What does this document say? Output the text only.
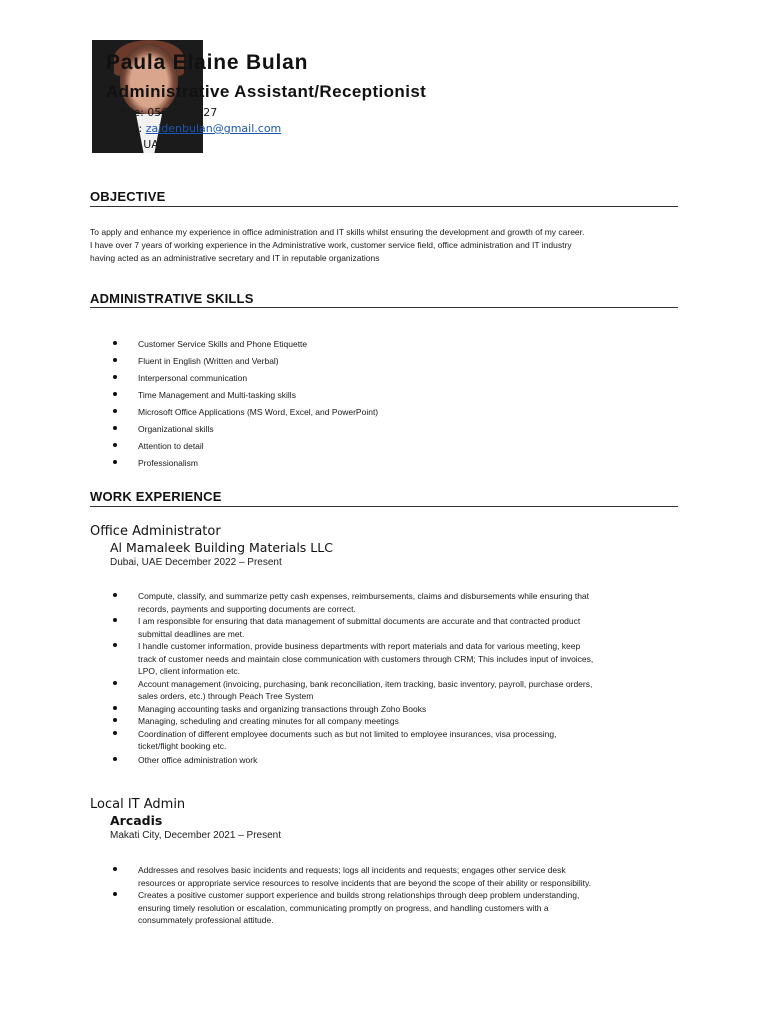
Paula Elaine Bulan
Administrative Assistant/Receptionist
Mobile: 0506414027
E-mail: zaidenbulan@gmail.com
Dubai, UAE
OBJECTIVE

To apply and enhance my experience in office administration and IT skills whilst ensuring the development and growth of my career.

I have over 7 years of working experience in the Administrative work, customer service field, office administration and IT industry

having acted as an administrative secretary and IT in reputable organizations

ADMINISTRATIVE SKILLS
Customer Service Skills and Phone Etiquette
Fluent in English (Written and Verbal)
Interpersonal communication
Time Management and Multi-tasking skills
Microsoft Office Applications (MS Word, Excel, and PowerPoint)
Organizational skills
Attention to detail
Professionalism
WORK EXPERIENCE
Office Administrator
Al Mamaleek Building Materials LLC
Dubai, UAE December 2022 – Present
Compute, classify, and summarize petty cash expenses, reimbursements, claims and disbursements while ensuring that
records, payments and supporting documents are correct.
I am responsible for ensuring that data management of submittal documents are accurate and that contracted product
submittal deadlines are met.
I handle customer information, provide business departments with report materials and data for various meeting, keep
track of customer needs and maintain close communication with customers through CRM; This includes input of invoices,
LPO, client information etc.
Account management (invoicing, purchasing, bank reconciliation, item tracking, basic inventory, payroll, purchase orders,
sales orders, etc.) through Peach Tree System
Managing accounting tasks and organizing transactions through Zoho Books
Managing, scheduling and creating minutes for all company meetings
Coordination of different employee documents such as but not limited to employee insurances, visa processing,
ticket/flight booking etc.
Other office administration work
Local IT Admin
Arcadis
Makati City, December 2021 – Present
Addresses and resolves basic incidents and requests; logs all incidents and requests; engages other service desk
resources or appropriate service resources to resolve incidents that are beyond the scope of their ability or responsibility.
Creates a positive customer support experience and builds strong relationships through deep problem understanding,
ensuring timely resolution or escalation, communicating promptly on progress, and handling customers with a
consummately professional attitude.
